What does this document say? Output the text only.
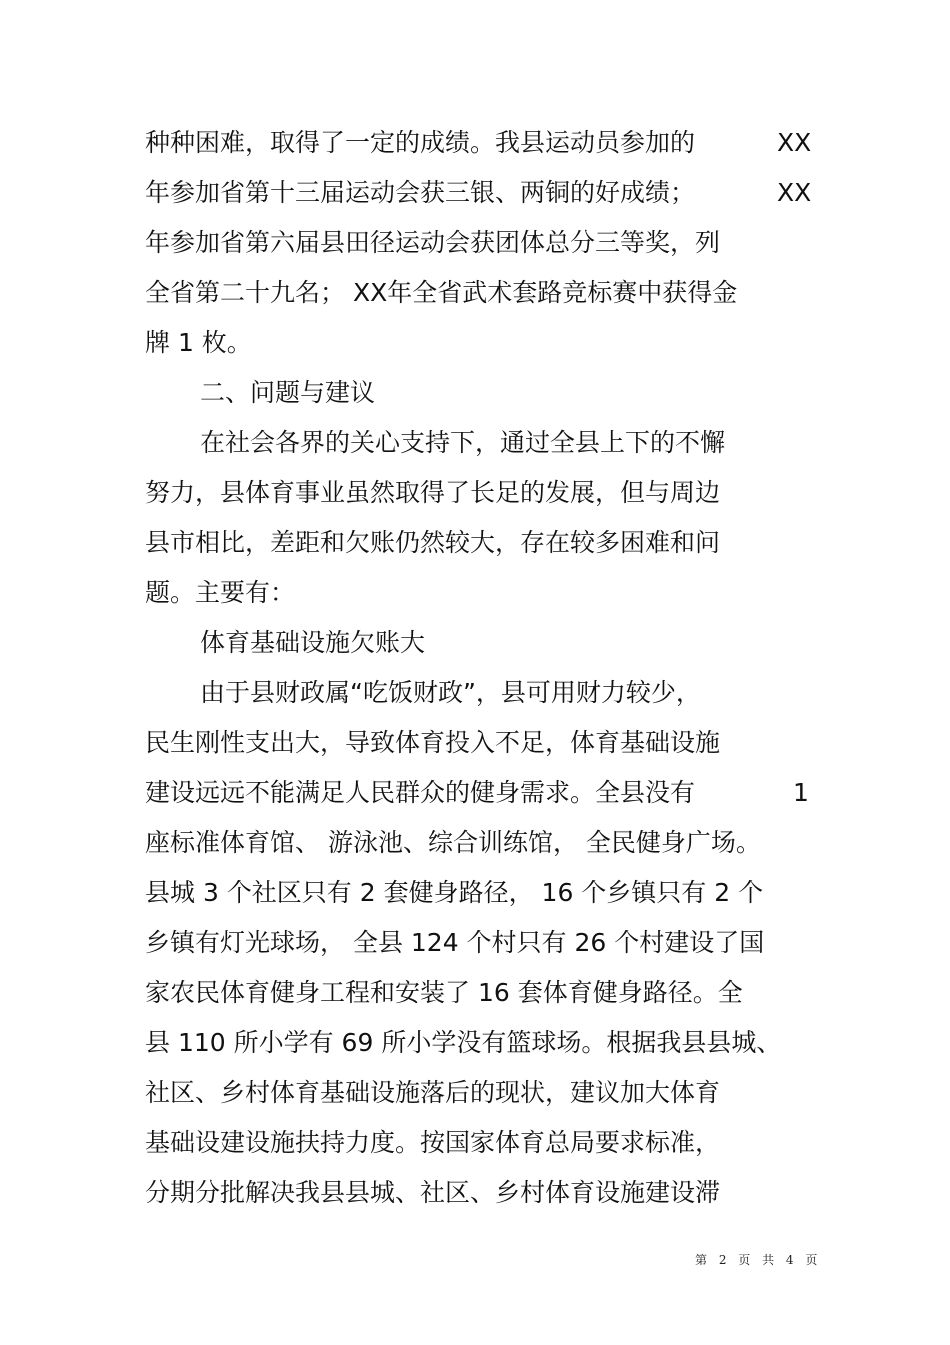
种种困难，取得了一定的成绩。我县运动员参加的	XX
年参加省第十三届运动会获三银、两铜的好成绩；	XX
年参加省第六届县田径运动会获团体总分三等奖，列
全省第二十九名； XX年全省武术套路竞标赛中获得金
牌 1 枚。
二、问题与建议
在社会各界的关心支持下，通过全县上下的不懈
努力，县体育事业虽然取得了长足的发展，但与周边
县市相比，差距和欠账仍然较大，存在较多困难和问
题。主要有：
体育基础设施欠账大
由于县财政属“吃饭财政”，县可用财力较少，
民生刚性支出大，导致体育投入不足，体育基础设施
建设远远不能满足人民群众的健身需求。全县没有	1
座标准体育馆、 游泳池、综合训练馆， 全民健身广场。
县城 3 个社区只有 2 套健身路径， 16 个乡镇只有 2 个
乡镇有灯光球场， 全县 124 个村只有 26 个村建设了国
家农民体育健身工程和安装了 16 套体育健身路径。全
县 110 所小学有 69 所小学没有篮球场。根据我县县城、
社区、乡村体育基础设施落后的现状，建议加大体育
基础设建设施扶持力度。按国家体育总局要求标准，
分期分批解决我县县城、社区、乡村体育设施建设滞
第 2 页 共 4 页
